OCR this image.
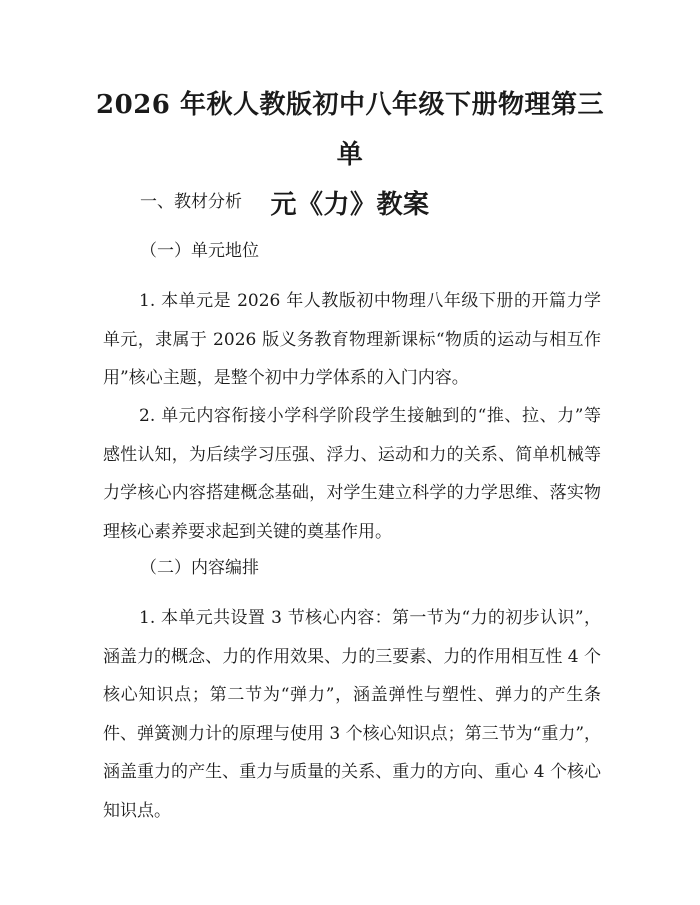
2026 年秋人教版初中八年级下册物理第三单
元《力》教案
一、教材分析
（一）单元地位

1. 本单元是 2026 年人教版初中物理八年级下册的开篇力学单元，隶属于 2026 版义务教育物理新课标“物质的运动与相互作用”核心主题，是整个初中力学体系的入门内容。

2. 单元内容衔接小学科学阶段学生接触到的“推、拉、力”等感性认知，为后续学习压强、浮力、运动和力的关系、简单机械等力学核心内容搭建概念基础，对学生建立科学的力学思维、落实物理核心素养要求起到关键的奠基作用。

（二）内容编排

1. 本单元共设置 3 节核心内容：第一节为“力的初步认识”，涵盖力的概念、力的作用效果、力的三要素、力的作用相互性 4 个核心知识点；第二节为“弹力”，涵盖弹性与塑性、弹力的产生条件、弹簧测力计的原理与使用 3 个核心知识点；第三节为“重力”，涵盖重力的产生、重力与质量的关系、重力的方向、重心 4 个核心知识点。
